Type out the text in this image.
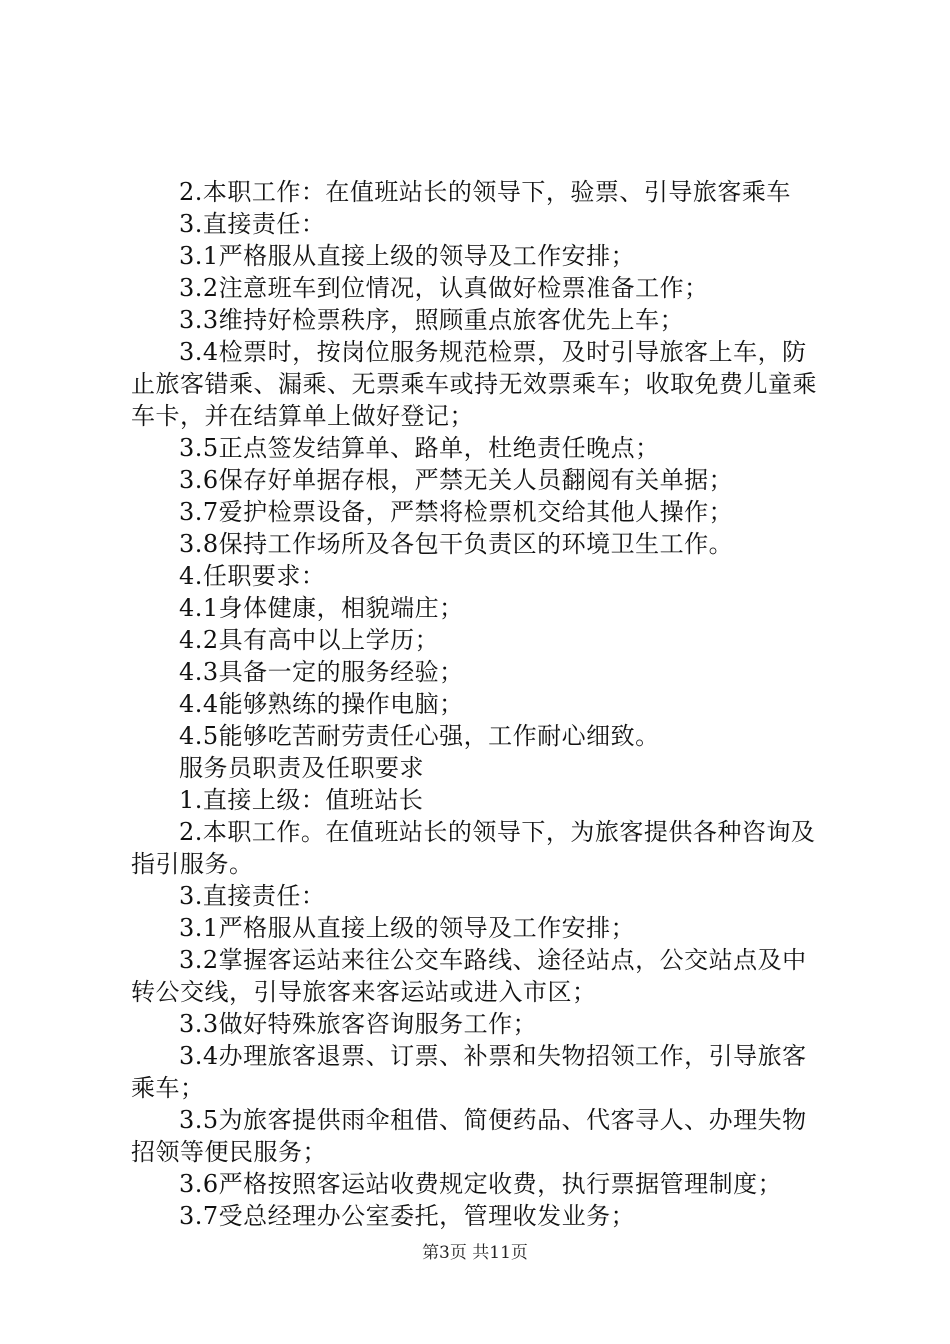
2.本职工作：在值班站长的领导下，验票、引导旅客乘车

3.直接责任：

3.1严格服从直接上级的领导及工作安排；

3.2注意班车到位情况，认真做好检票准备工作；

3.3维持好检票秩序，照顾重点旅客优先上车；

3.4检票时，按岗位服务规范检票，及时引导旅客上车，防止旅客错乘、漏乘、无票乘车或持无效票乘车；收取免费儿童乘车卡，并在结算单上做好登记；

3.5正点签发结算单、路单，杜绝责任晚点；

3.6保存好单据存根，严禁无关人员翻阅有关单据；

3.7爱护检票设备，严禁将检票机交给其他人操作；

3.8保持工作场所及各包干负责区的环境卫生工作。

4.任职要求：

4.1身体健康，相貌端庄；

4.2具有高中以上学历；

4.3具备一定的服务经验；

4.4能够熟练的操作电脑；

4.5能够吃苦耐劳责任心强，工作耐心细致。

服务员职责及任职要求

1.直接上级：值班站长

2.本职工作。在值班站长的领导下，为旅客提供各种咨询及指引服务。

3.直接责任：

3.1严格服从直接上级的领导及工作安排；

3.2掌握客运站来往公交车路线、途径站点，公交站点及中转公交线，引导旅客来客运站或进入市区；

3.3做好特殊旅客咨询服务工作；

3.4办理旅客退票、订票、补票和失物招领工作，引导旅客乘车；

3.5为旅客提供雨伞租借、简便药品、代客寻人、办理失物招领等便民服务；

3.6严格按照客运站收费规定收费，执行票据管理制度；

3.7受总经理办公室委托，管理收发业务；

第3页 共11页
